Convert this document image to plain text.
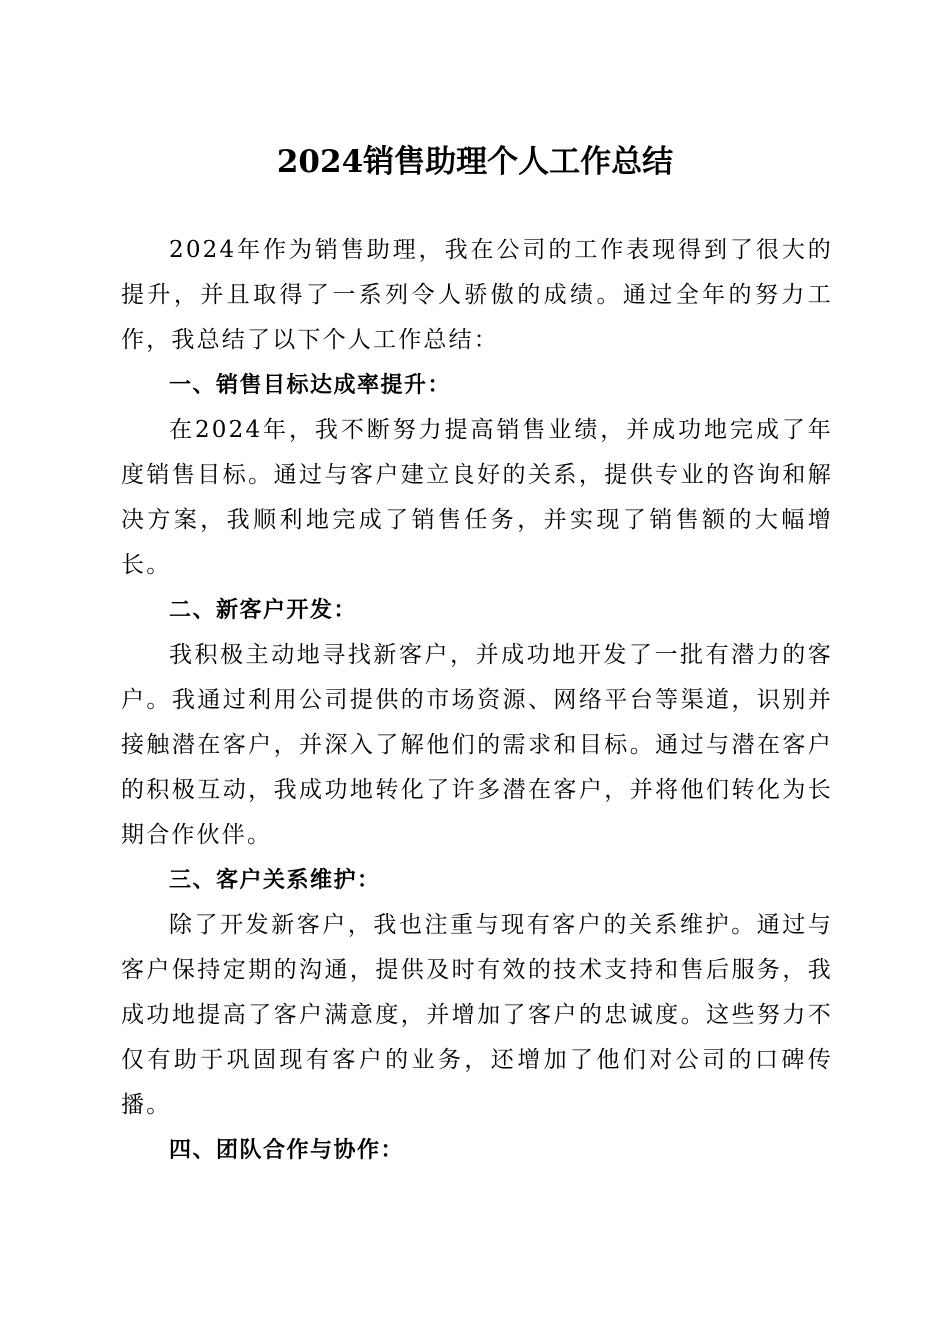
2024销售助理个人工作总结

2024年作为销售助理，我在公司的工作表现得到了很大的提升，并且取得了一系列令人骄傲的成绩。通过全年的努力工作，我总结了以下个人工作总结：

一、销售目标达成率提升：

在2024年，我不断努力提高销售业绩，并成功地完成了年度销售目标。通过与客户建立良好的关系，提供专业的咨询和解决方案，我顺利地完成了销售任务，并实现了销售额的大幅增长。

二、新客户开发：

我积极主动地寻找新客户，并成功地开发了一批有潜力的客户。我通过利用公司提供的市场资源、网络平台等渠道，识别并接触潜在客户，并深入了解他们的需求和目标。通过与潜在客户的积极互动，我成功地转化了许多潜在客户，并将他们转化为长期合作伙伴。

三、客户关系维护：

除了开发新客户，我也注重与现有客户的关系维护。通过与客户保持定期的沟通，提供及时有效的技术支持和售后服务，我成功地提高了客户满意度，并增加了客户的忠诚度。这些努力不仅有助于巩固现有客户的业务，还增加了他们对公司的口碑传播。

四、团队合作与协作：
